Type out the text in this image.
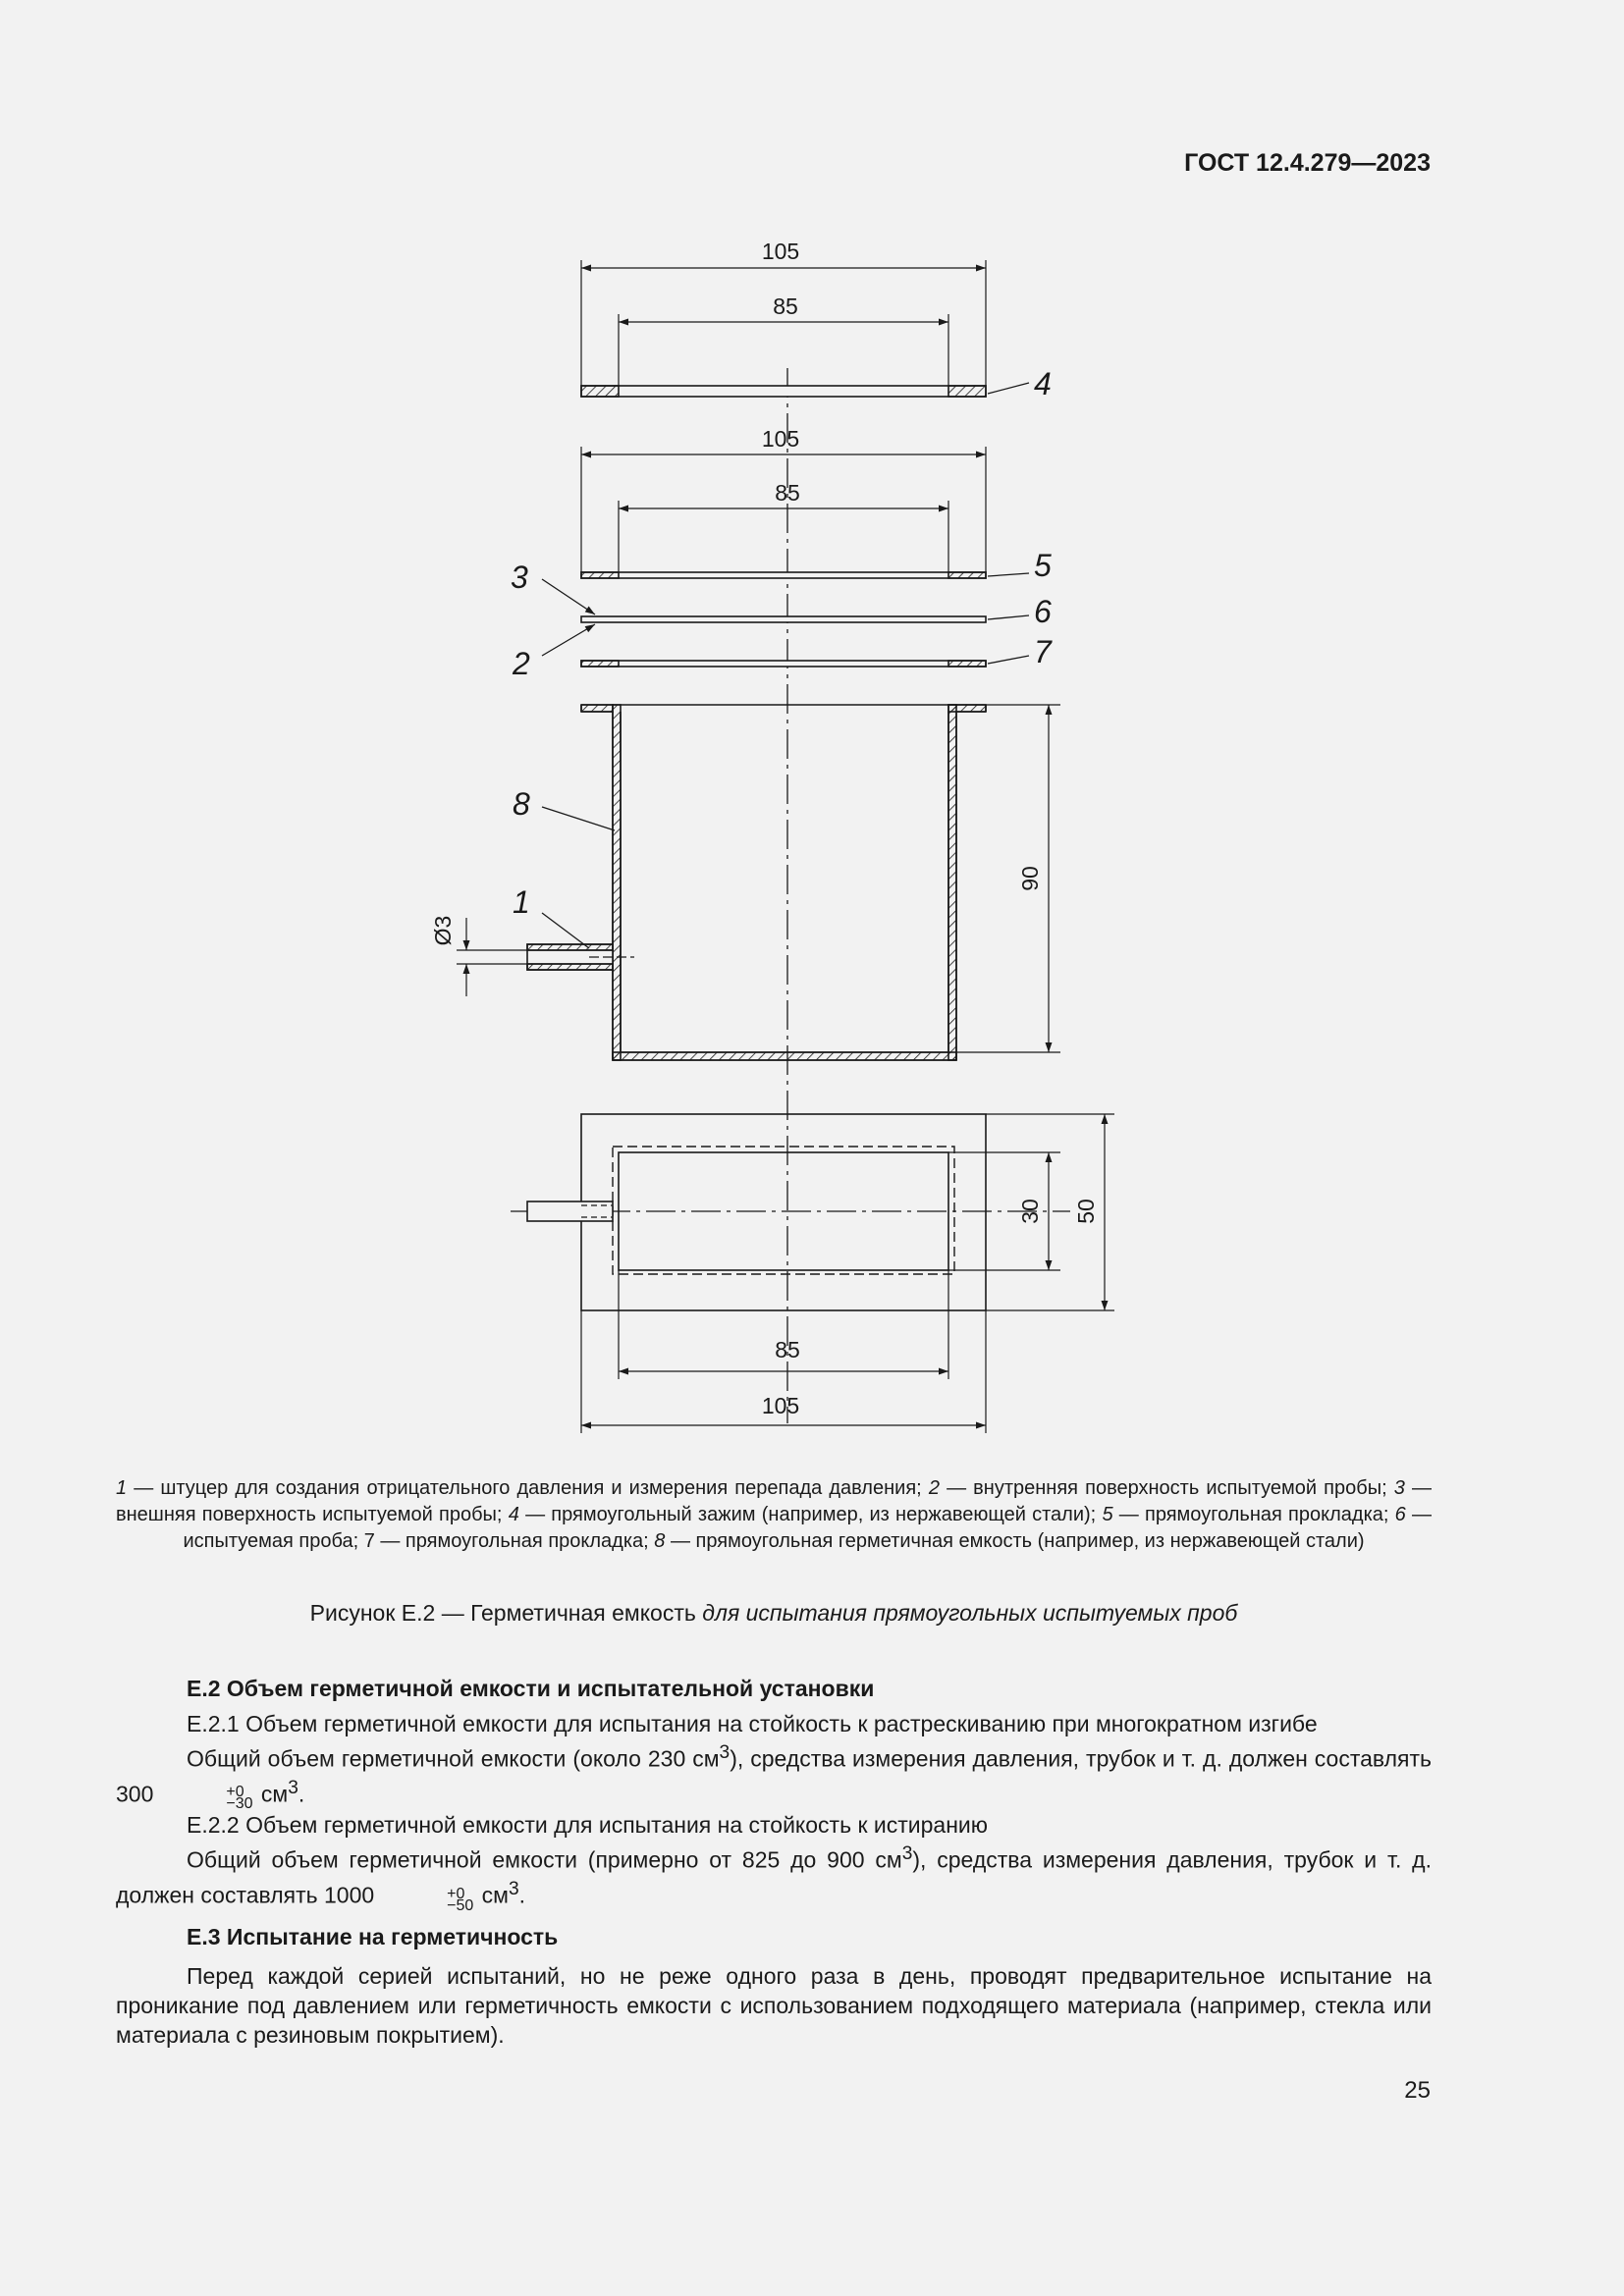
ГОСТ 12.4.279—2023
105
85
105
85
90
Ø3
30 50
85
105
4
5
6
7
3
2
8
1
1 — штуцер для создания отрицательного давления и измерения перепада давления; 2 — внутренняя поверхность испытуемой пробы; 3 — внешняя поверхность испытуемой пробы; 4 — прямоугольный зажим (например, из нержавеющей стали); 5 — прямоугольная прокладка; 6 — испытуемая проба; 7 — прямоугольная прокладка; 8 — прямоугольная герметичная емкость (например, из нержавеющей стали)
Рисунок Е.2 — Герметичная емкость для испытания прямоугольных испытуемых проб

Е.2 Объем герметичной емкости и испытательной установки

Е.2.1 Объем герметичной емкости для испытания на стойкость к растрескиванию при многократном изгибе

Общий объем герметичной емкости (около 230 $см^3$), средства измерения давления, трубок и т. д. должен составлять 300	+0
−30 $см^3$.

Е.2.2 Объем герметичной емкости для испытания на стойкость к истиранию

Общий объем герметичной емкости (примерно от 825 до 900 $см^3$), средства измерения давления, трубок и т. д. должен составлять 1000	+0
−50 $см^3$.

Е.3 Испытание на герметичность

Перед каждой серией испытаний, но не реже одного раза в день, проводят предварительное испытание на проникание под давлением или герметичность емкости с использованием подходящего материала (например, стекла или материала с резиновым покрытием).

25
